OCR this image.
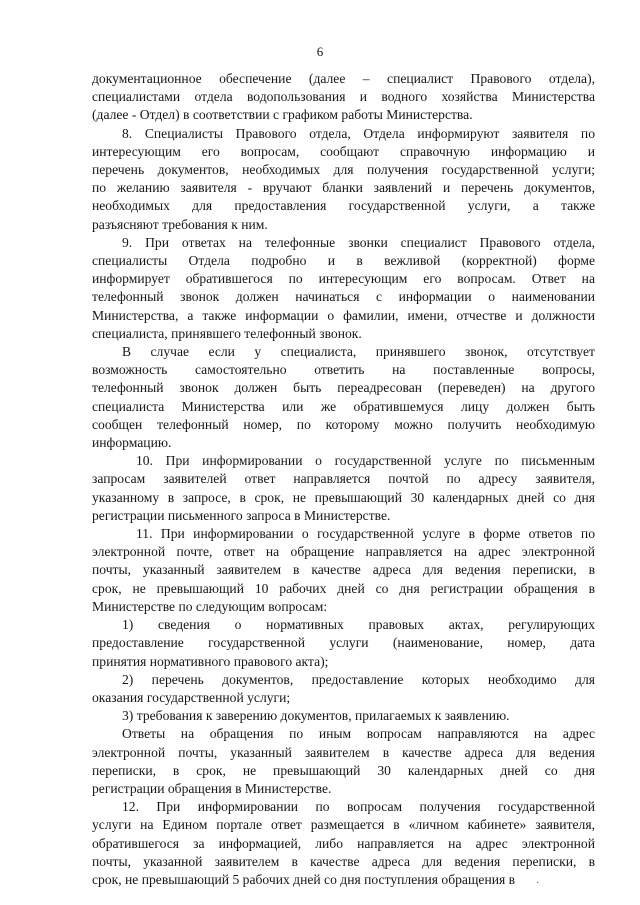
6
документационное обеспечение (далее – специалист Правового отдела),
специалистами отдела водопользования и водного хозяйства Министерства
(далее - Отдел) в соответствии с графиком работы Министерства.
8. Специалисты Правового отдела, Отдела информируют заявителя по
интересующим его вопросам, сообщают справочную информацию и
перечень документов, необходимых для получения государственной услуги;
по желанию заявителя - вручают бланки заявлений и перечень документов,
необходимых для предоставления государственной услуги, а также
разъясняют требования к ним.
9. При ответах на телефонные звонки специалист Правового отдела,
специалисты Отдела подробно и в вежливой (корректной) форме
информирует обратившегося по интересующим его вопросам. Ответ на
телефонный звонок должен начинаться с информации о наименовании
Министерства, а также информации о фамилии, имени, отчестве и должности
специалиста, принявшего телефонный звонок.
В случае если у специалиста, принявшего звонок, отсутствует
возможность самостоятельно ответить на поставленные вопросы,
телефонный звонок должен быть переадресован (переведен) на другого
специалиста Министерства или же обратившемуся лицу должен быть
сообщен телефонный номер, по которому можно получить необходимую
информацию.
10. При информировании о государственной услуге по письменным
запросам заявителей ответ направляется почтой по адресу заявителя,
указанному в запросе, в срок, не превышающий 30 календарных дней со дня
регистрации письменного запроса в Министерстве.
11. При информировании о государственной услуге в форме ответов по
электронной почте, ответ на обращение направляется на адрес электронной
почты, указанный заявителем в качестве адреса для ведения переписки, в
срок, не превышающий 10 рабочих дней со дня регистрации обращения в
Министерстве по следующим вопросам:
1) сведения о нормативных правовых актах, регулирующих
предоставление государственной услуги (наименование, номер, дата
принятия нормативного правового акта);
2) перечень документов, предоставление которых необходимо для
оказания государственной услуги;
3) требования к заверению документов, прилагаемых к заявлению.
Ответы на обращения по иным вопросам направляются на адрес
электронной почты, указанный заявителем в качестве адреса для ведения
переписки, в срок, не превышающий 30 календарных дней со дня
регистрации обращения в Министерстве.
12. При информировании по вопросам получения государственной
услуги на Едином портале ответ размещается в «личном кабинете» заявителя,
обратившегося за информацией, либо направляется на адрес электронной
почты, указанной заявителем в качестве адреса для ведения переписки, в
срок, не превышающий 5 рабочих дней со дня поступления обращения в	·
